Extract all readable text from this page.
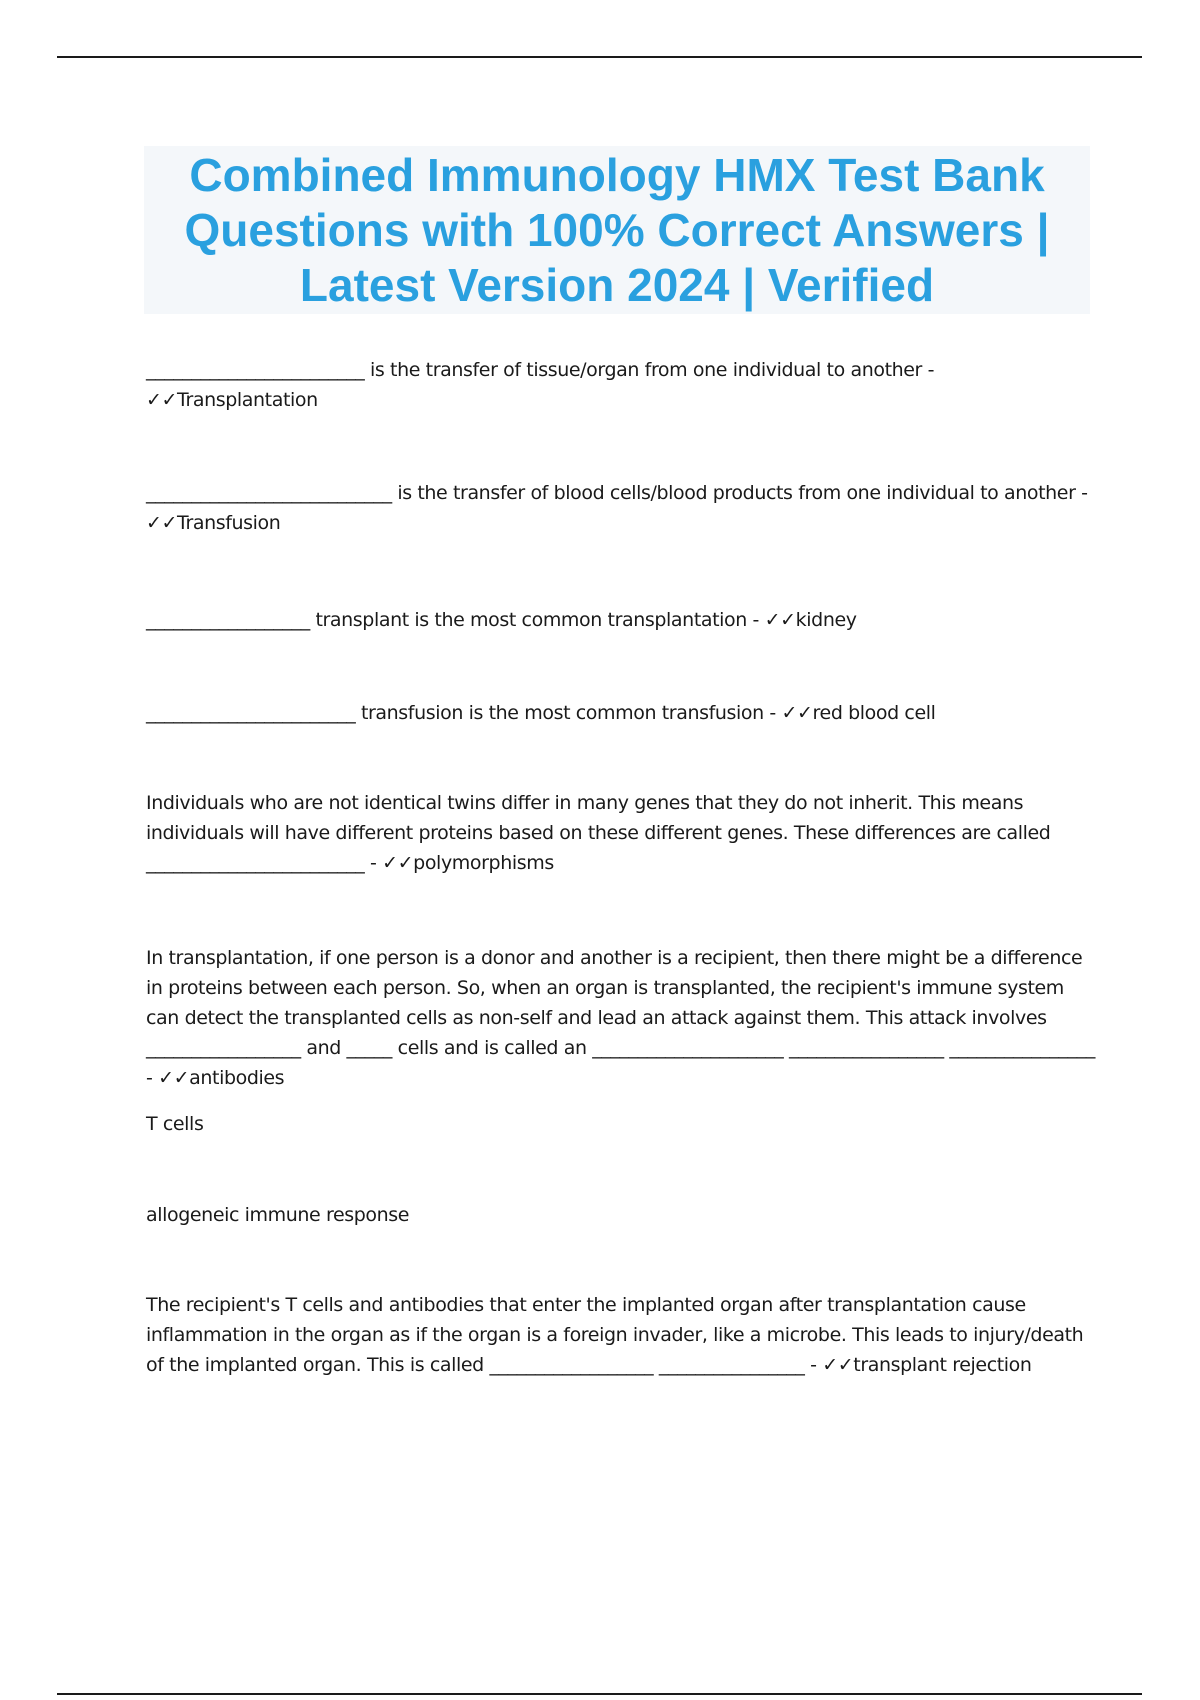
Combined Immunology HMX Test Bank Questions with 100% Correct Answers | Latest Version 2024 | Verified

________________________ is the transfer of tissue/organ from one individual to another - ✓✓Transplantation

___________________________ is the transfer of blood cells/blood products from one individual to another - ✓✓Transfusion

__________________ transplant is the most common transplantation - ✓✓kidney

_______________________ transfusion is the most common transfusion - ✓✓red blood cell

Individuals who are not identical twins differ in many genes that they do not inherit. This means individuals will have different proteins based on these different genes. These differences are called ________________________ - ✓✓polymorphisms

In transplantation, if one person is a donor and another is a recipient, then there might be a difference in proteins between each person. So, when an organ is transplanted, the recipient's immune system can detect the transplanted cells as non-self and lead an attack against them. This attack involves _________________ and _____ cells and is called an _____________________ _________________ ________________ - ✓✓antibodies

T cells

allogeneic immune response

The recipient's T cells and antibodies that enter the implanted organ after transplantation cause inflammation in the organ as if the organ is a foreign invader, like a microbe. This leads to injury/death of the implanted organ. This is called __________________ ________________ - ✓✓transplant rejection
